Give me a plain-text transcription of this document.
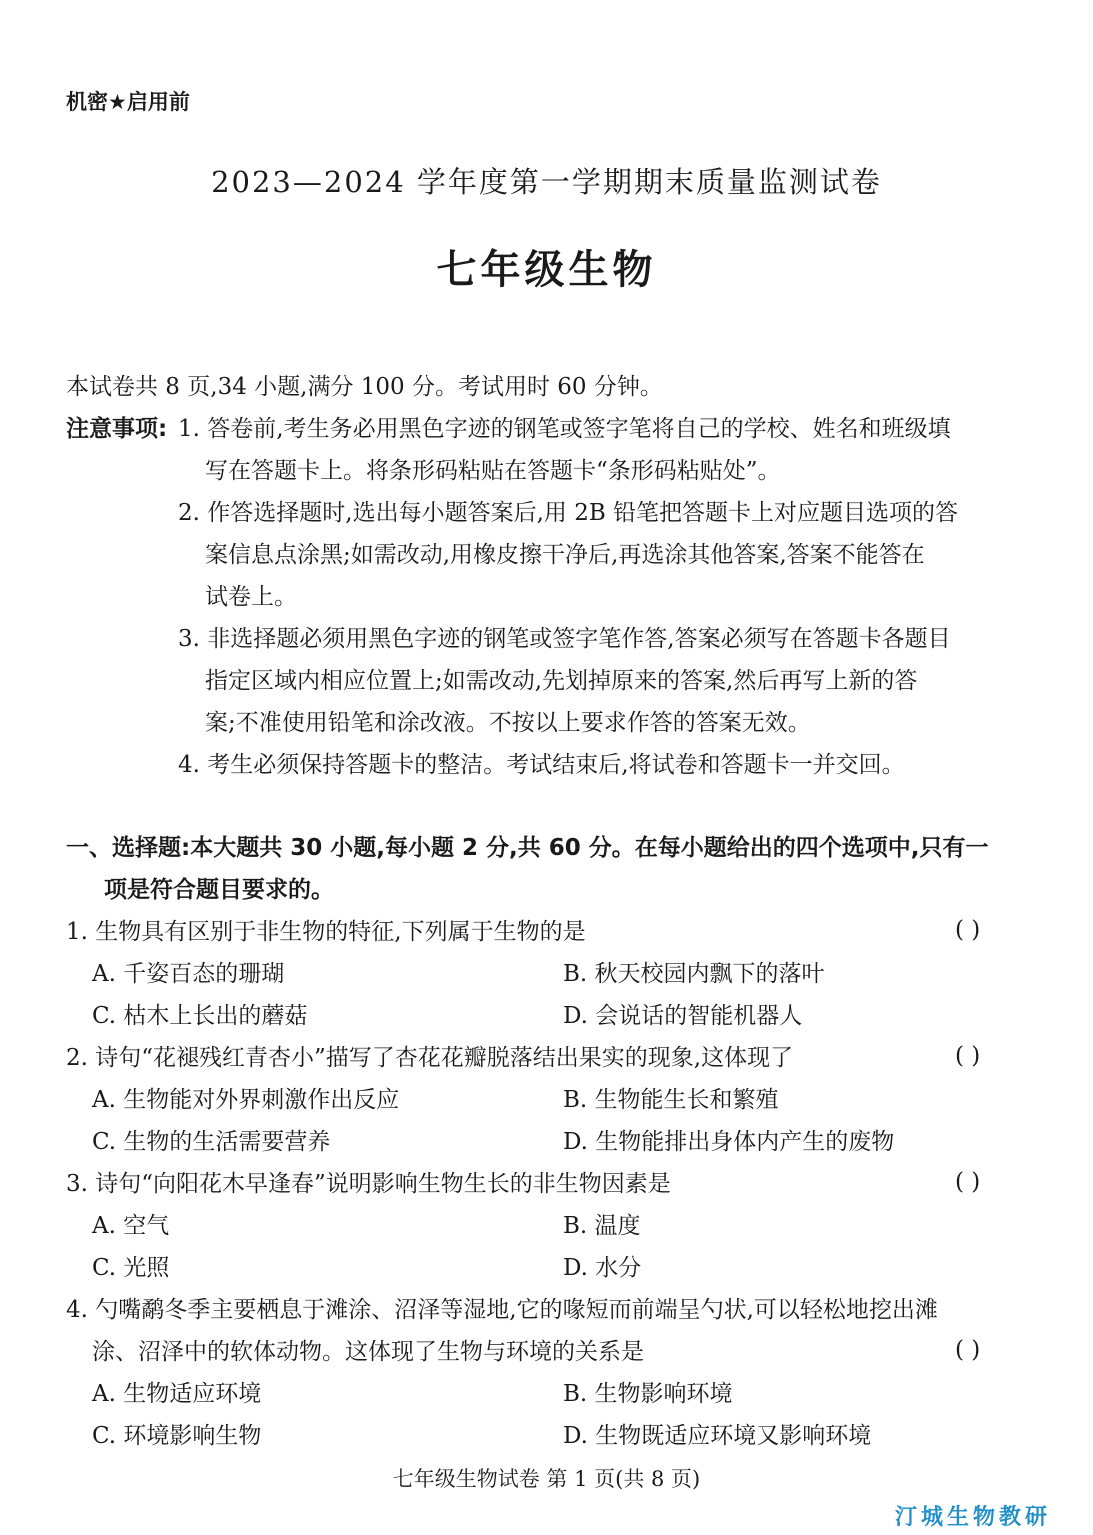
机密★启用前
2023—2024 学年度第一学期期末质量监测试卷
七年级生物
本试卷共 8 页,34 小题,满分 100 分。考试用时 60 分钟。
注意事项: 1. 答卷前,考生务必用黑色字迹的钢笔或签字笔将自己的学校、姓名和班级填
写在答题卡上。将条形码粘贴在答题卡“条形码粘贴处”。
2. 作答选择题时,选出每小题答案后,用 2B 铅笔把答题卡上对应题目选项的答
案信息点涂黑;如需改动,用橡皮擦干净后,再选涂其他答案,答案不能答在
试卷上。
3. 非选择题必须用黑色字迹的钢笔或签字笔作答,答案必须写在答题卡各题目
指定区域内相应位置上;如需改动,先划掉原来的答案,然后再写上新的答
案;不准使用铅笔和涂改液。不按以上要求作答的答案无效。
4. 考生必须保持答题卡的整洁。考试结束后,将试卷和答题卡一并交回。
一、选择题:本大题共 30 小题,每小题 2 分,共 60 分。在每小题给出的四个选项中,只有一
项是符合题目要求的。
1. 生物具有区别于非生物的特征,下列属于生物的是	( )
A. 千姿百态的珊瑚	B. 秋天校园内飘下的落叶
C. 枯木上长出的蘑菇	D. 会说话的智能机器人
2. 诗句“花褪残红青杏小”描写了杏花花瓣脱落结出果实的现象,这体现了	( )
A. 生物能对外界刺激作出反应	B. 生物能生长和繁殖
C. 生物的生活需要营养	D. 生物能排出身体内产生的废物
3. 诗句“向阳花木早逢春”说明影响生物生长的非生物因素是	( )
A. 空气	B. 温度
C. 光照	D. 水分
4. 勺嘴鹬冬季主要栖息于滩涂、沼泽等湿地,它的喙短而前端呈勺状,可以轻松地挖出滩
涂、沼泽中的软体动物。这体现了生物与环境的关系是	( )
A. 生物适应环境	B. 生物影响环境
C. 环境影响生物	D. 生物既适应环境又影响环境
七年级生物试卷 第 1 页(共 8 页)
汀城生物教研
